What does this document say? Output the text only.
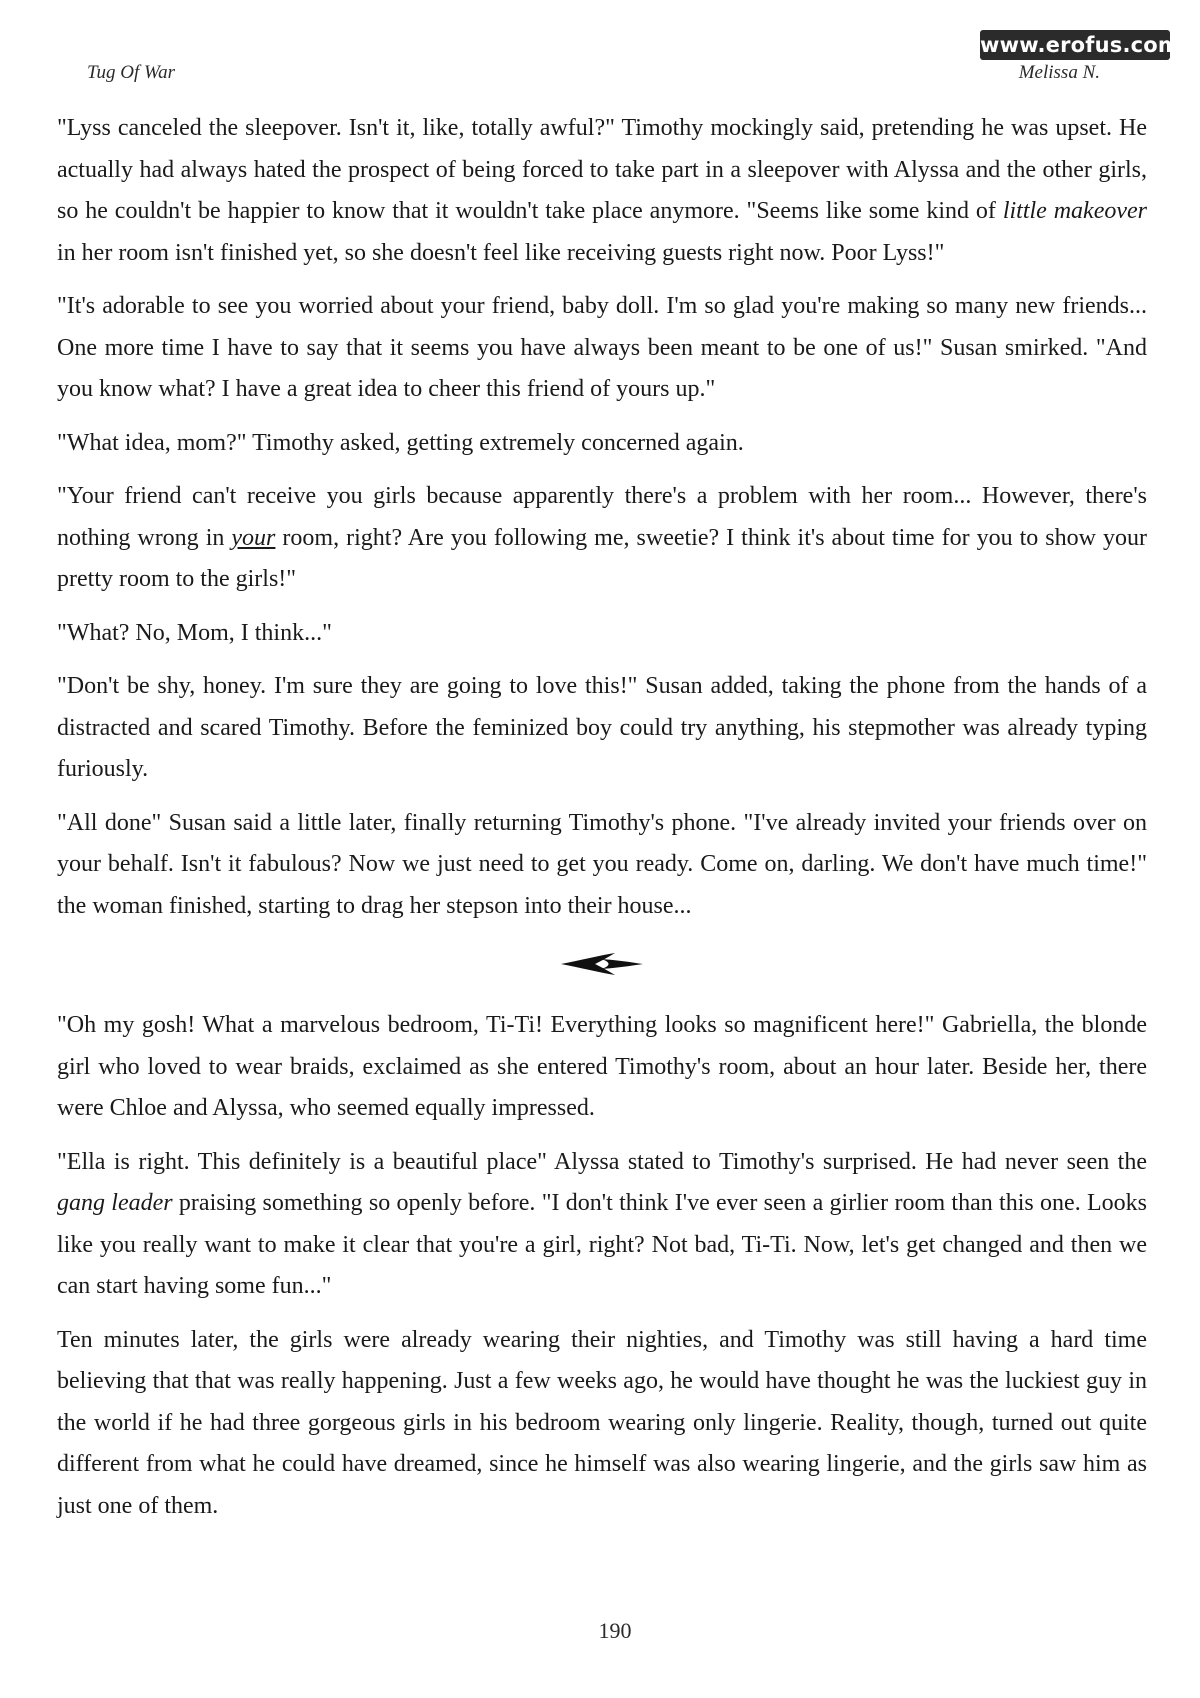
www.erofus.com
Tug Of War	Melissa N.

"Lyss canceled the sleepover. Isn't it, like, totally awful?" Timothy mockingly said, pretending he was upset. He actually had always hated the prospect of being forced to take part in a sleepover with Alyssa and the other girls, so he couldn't be happier to know that it wouldn't take place anymore. "Seems like some kind of little makeover in her room isn't finished yet, so she doesn't feel like receiving guests right now. Poor Lyss!"

"It's adorable to see you worried about your friend, baby doll. I'm so glad you're making so many new friends... One more time I have to say that it seems you have always been meant to be one of us!" Susan smirked. "And you know what? I have a great idea to cheer this friend of yours up."

"What idea, mom?" Timothy asked, getting extremely concerned again.

"Your friend can't receive you girls because apparently there's a problem with her room... However, there's nothing wrong in your room, right? Are you following me, sweetie? I think it's about time for you to show your pretty room to the girls!"

"What? No, Mom, I think..."

"Don't be shy, honey. I'm sure they are going to love this!" Susan added, taking the phone from the hands of a distracted and scared Timothy. Before the feminized boy could try anything, his stepmother was already typing furiously.

"All done" Susan said a little later, finally returning Timothy's phone. "I've already invited your friends over on your behalf. Isn't it fabulous? Now we just need to get you ready. Come on, darling. We don't have much time!" the woman finished, starting to drag her stepson into their house...

"Oh my gosh! What a marvelous bedroom, Ti-Ti! Everything looks so magnificent here!" Gabriella, the blonde girl who loved to wear braids, exclaimed as she entered Timothy's room, about an hour later. Beside her, there were Chloe and Alyssa, who seemed equally impressed.

"Ella is right. This definitely is a beautiful place" Alyssa stated to Timothy's surprised. He had never seen the gang leader praising something so openly before. "I don't think I've ever seen a girlier room than this one. Looks like you really want to make it clear that you're a girl, right? Not bad, Ti-Ti. Now, let's get changed and then we can start having some fun..."

Ten minutes later, the girls were already wearing their nighties, and Timothy was still having a hard time believing that that was really happening. Just a few weeks ago, he would have thought he was the luckiest guy in the world if he had three gorgeous girls in his bedroom wearing only lingerie. Reality, though, turned out quite different from what he could have dreamed, since he himself was also wearing lingerie, and the girls saw him as just one of them.

190
